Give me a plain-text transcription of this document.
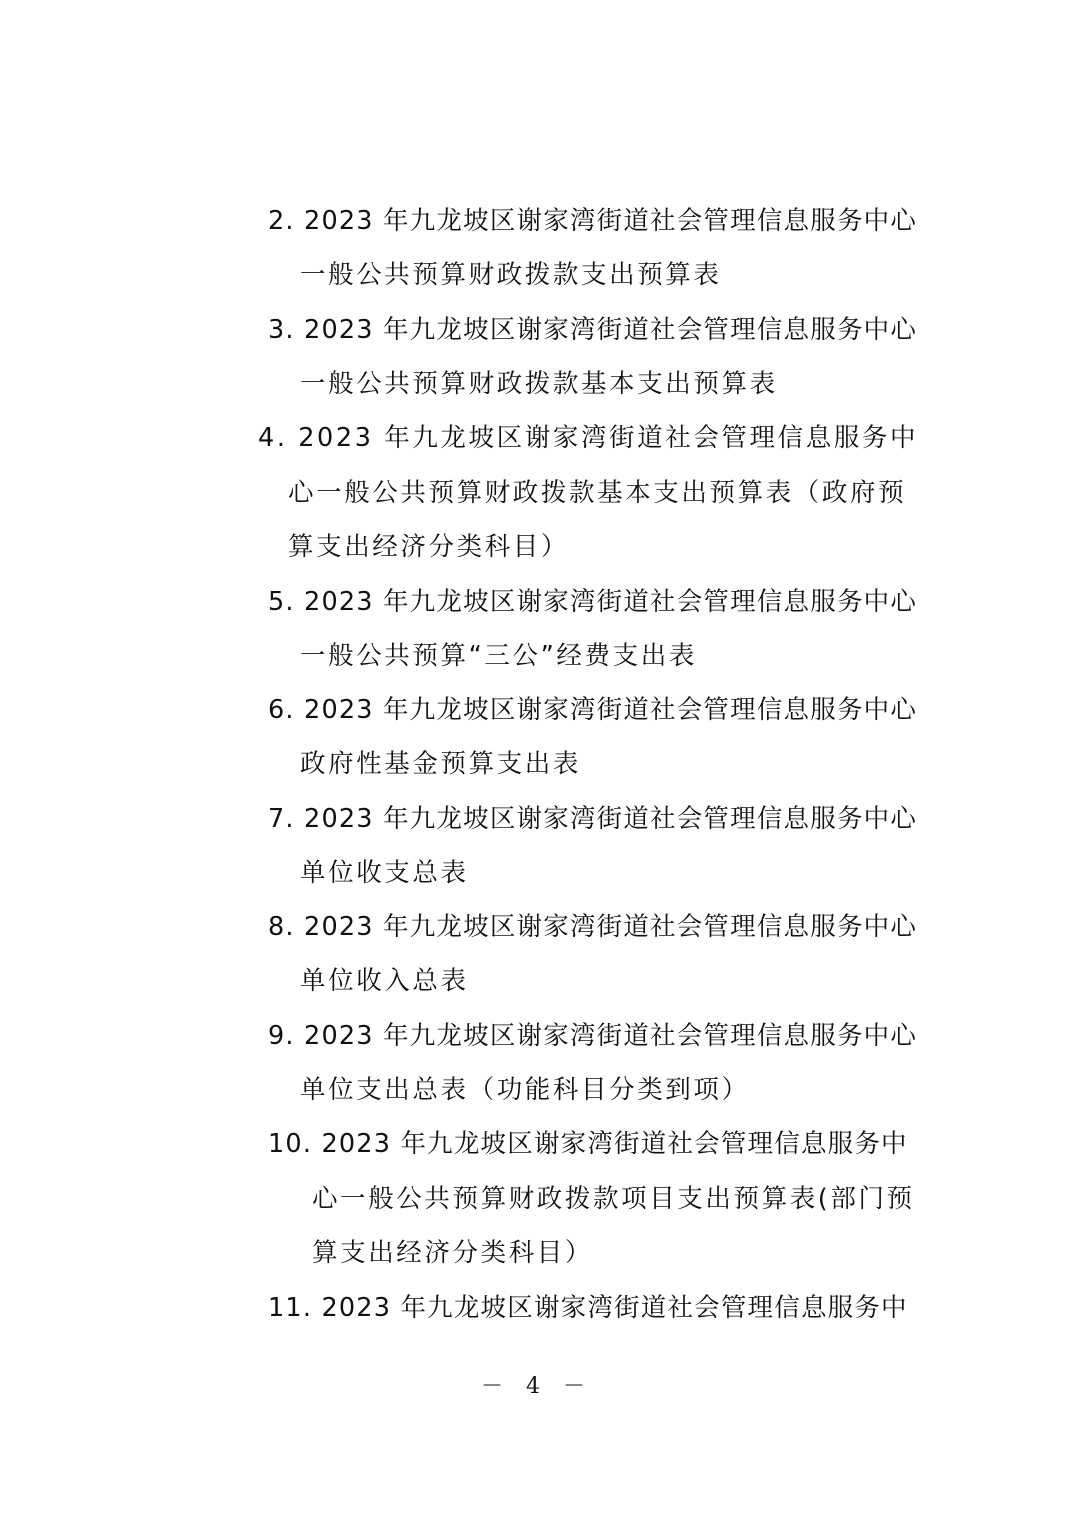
2. 2023 年九龙坡区谢家湾街道社会管理信息服务中心
一般公共预算财政拨款支出预算表
3. 2023 年九龙坡区谢家湾街道社会管理信息服务中心
一般公共预算财政拨款基本支出预算表
4. 2023 年九龙坡区谢家湾街道社会管理信息服务中
心一般公共预算财政拨款基本支出预算表（政府预
算支出经济分类科目）
5. 2023 年九龙坡区谢家湾街道社会管理信息服务中心
一般公共预算“三公”经费支出表
6. 2023 年九龙坡区谢家湾街道社会管理信息服务中心
政府性基金预算支出表
7. 2023 年九龙坡区谢家湾街道社会管理信息服务中心
单位收支总表
8. 2023 年九龙坡区谢家湾街道社会管理信息服务中心
单位收入总表
9. 2023 年九龙坡区谢家湾街道社会管理信息服务中心
单位支出总表（功能科目分类到项）
10. 2023 年九龙坡区谢家湾街道社会管理信息服务中
心一般公共预算财政拨款项目支出预算表(部门预
算支出经济分类科目）
11. 2023 年九龙坡区谢家湾街道社会管理信息服务中
－ 4 －
